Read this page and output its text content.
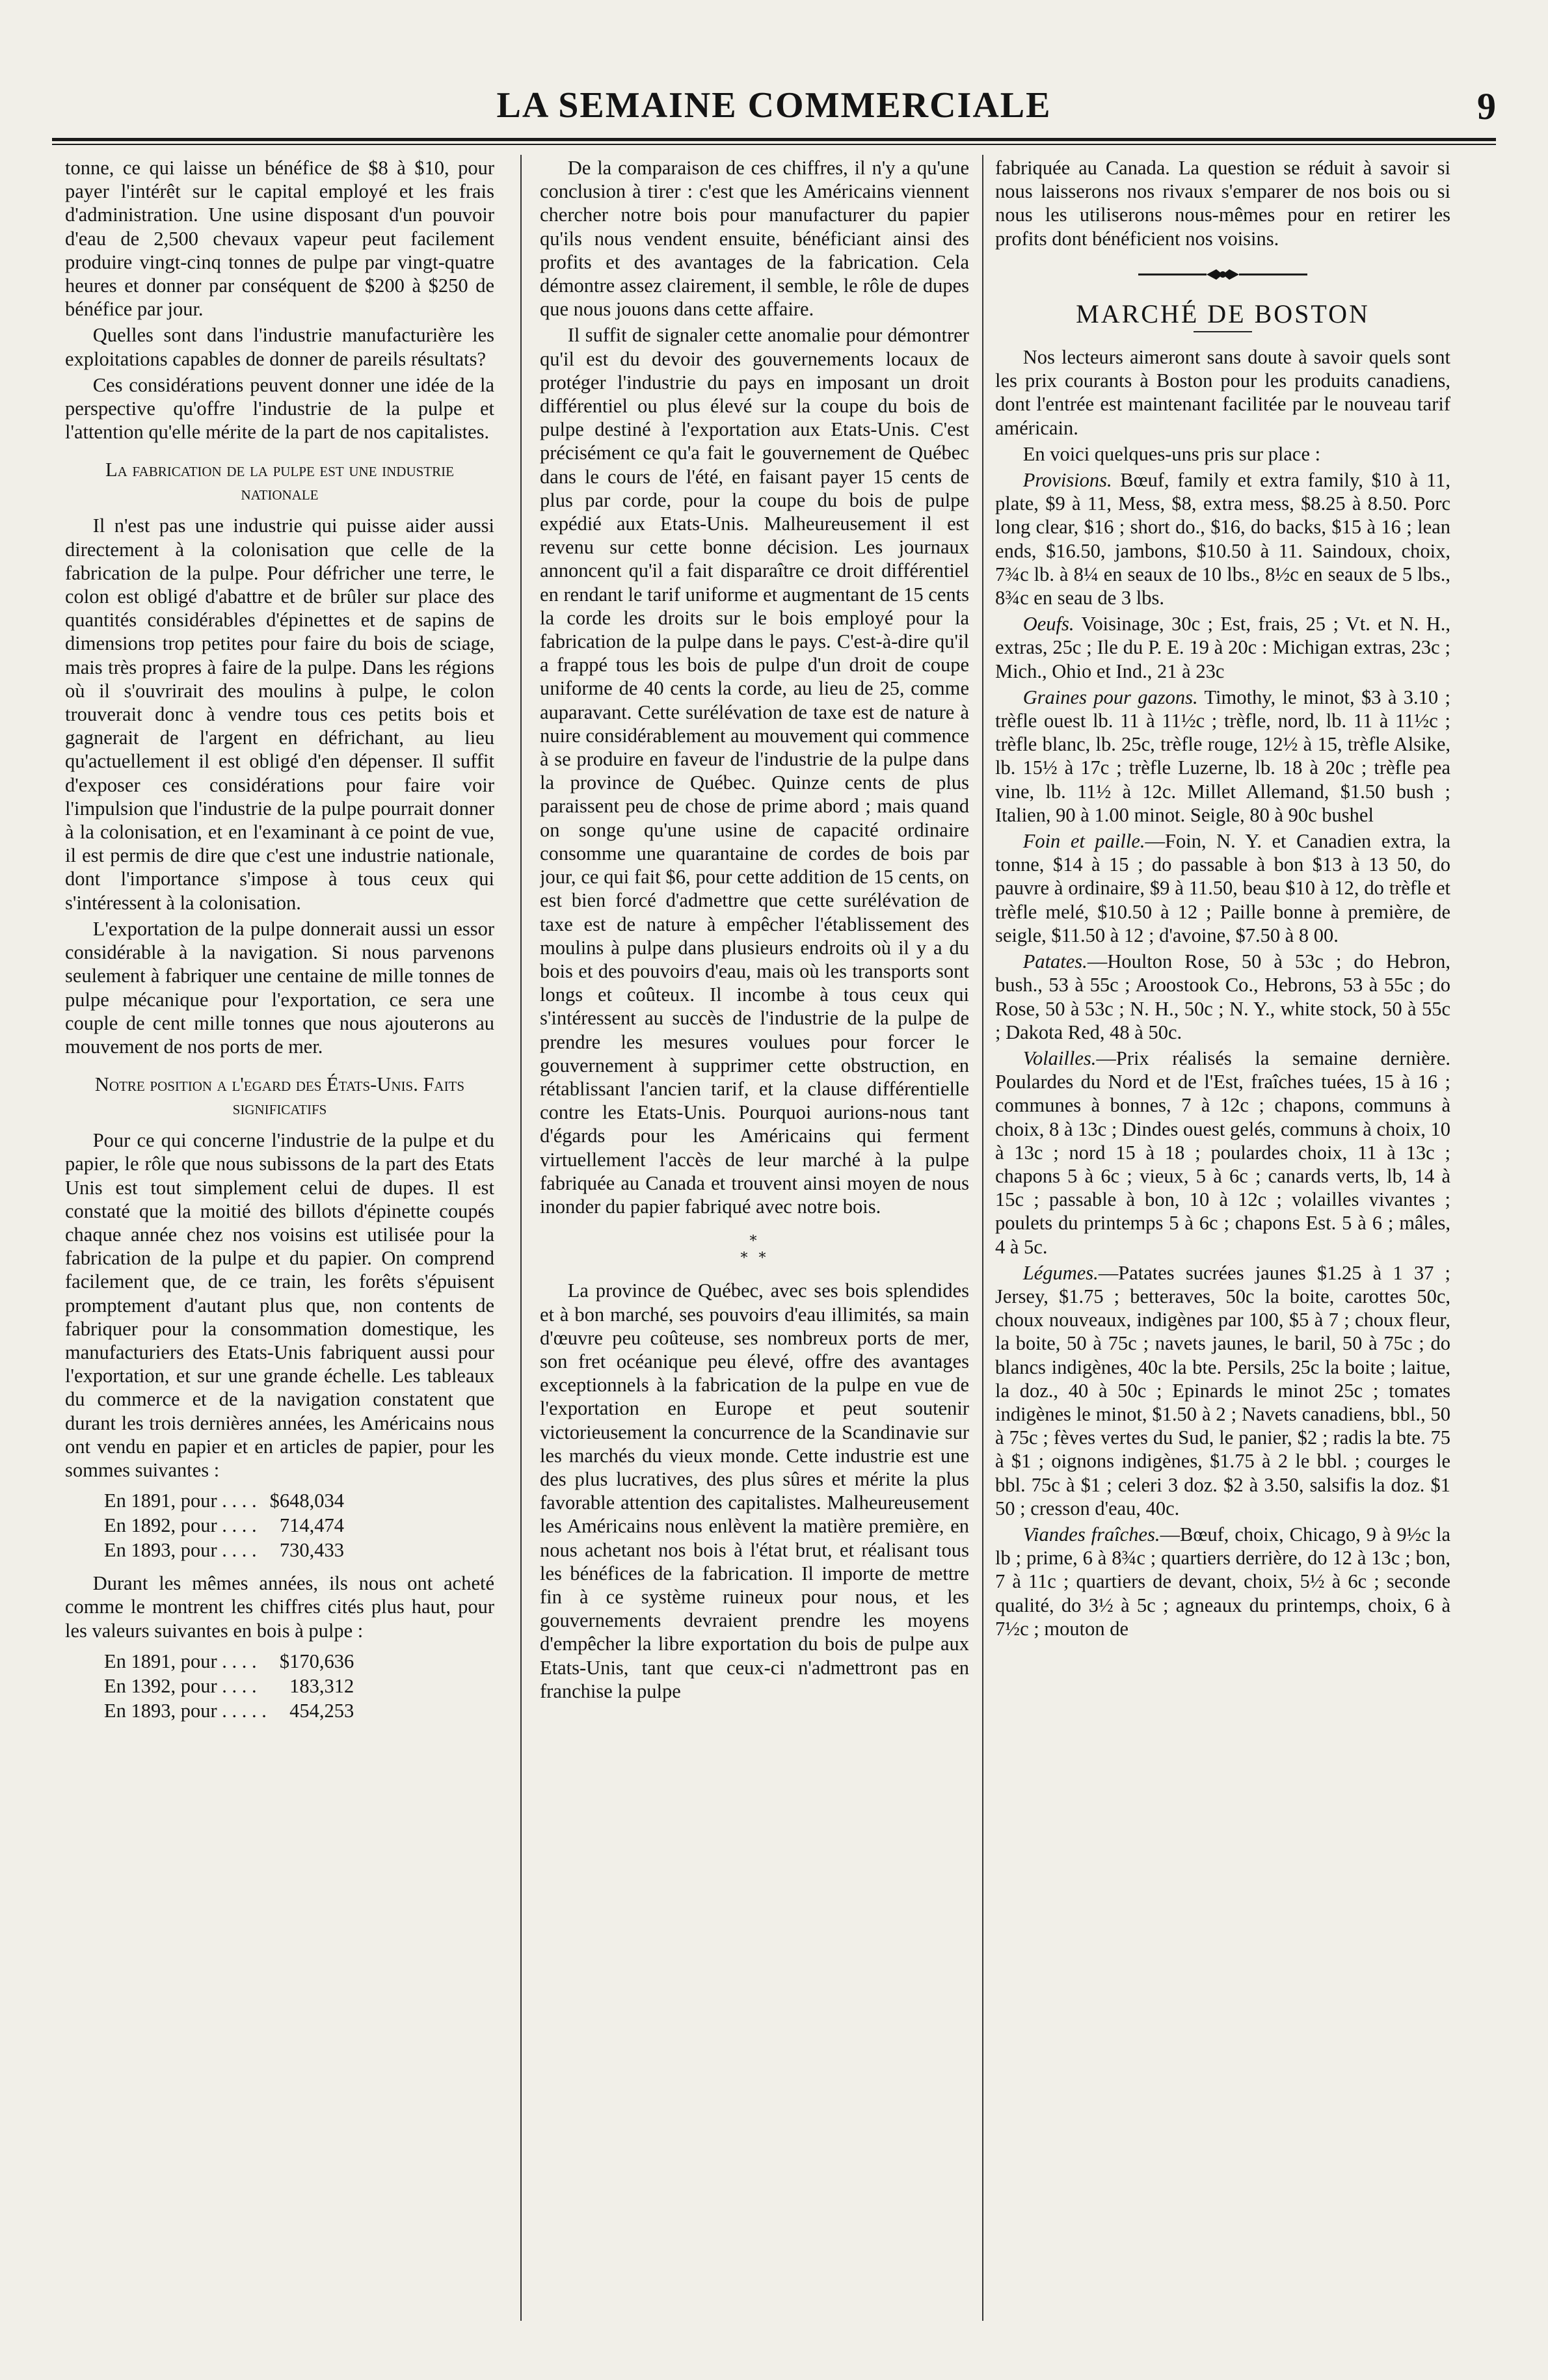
LA SEMAINE COMMERCIALE	9

tonne, ce qui laisse un bénéfice de $8 à $10, pour payer l'intérêt sur le capital employé et les frais d'administration. Une usine disposant d'un pouvoir d'eau de 2,500 chevaux vapeur peut facilement produire vingt-cinq tonnes de pulpe par vingt-quatre heures et donner par conséquent de $200 à $250 de bénéfice par jour.

Quelles sont dans l'industrie manufacturière les exploitations capables de donner de pareils résultats?

Ces considérations peuvent donner une idée de la perspective qu'offre l'industrie de la pulpe et l'attention qu'elle mérite de la part de nos capitalistes.

La fabrication de la pulpe est une industrie nationale

Il n'est pas une industrie qui puisse aider aussi directement à la colonisation que celle de la fabrication de la pulpe. Pour défricher une terre, le colon est obligé d'abattre et de brûler sur place des quantités considérables d'épinettes et de sapins de dimensions trop petites pour faire du bois de sciage, mais très propres à faire de la pulpe. Dans les régions où il s'ouvrirait des moulins à pulpe, le colon trouverait donc à vendre tous ces petits bois et gagnerait de l'argent en défrichant, au lieu qu'actuellement il est obligé d'en dépenser. Il suffit d'exposer ces considérations pour faire voir l'impulsion que l'industrie de la pulpe pourrait donner à la colonisation, et en l'examinant à ce point de vue, il est permis de dire que c'est une industrie nationale, dont l'importance s'impose à tous ceux qui s'intéressent à la colonisation.

L'exportation de la pulpe donnerait aussi un essor considérable à la navigation. Si nous parvenons seulement à fabriquer une centaine de mille tonnes de pulpe mécanique pour l'exportation, ce sera une couple de cent mille tonnes que nous ajouterons au mouvement de nos ports de mer.

Notre position a l'egard des États-Unis. Faits significatifs

Pour ce qui concerne l'industrie de la pulpe et du papier, le rôle que nous subissons de la part des Etats Unis est tout simplement celui de dupes. Il est constaté que la moitié des billots d'épinette coupés chaque année chez nos voisins est utilisée pour la fabrication de la pulpe et du papier. On comprend facilement que, de ce train, les forêts s'épuisent promptement d'autant plus que, non contents de fabriquer pour la consommation domestique, les manufacturiers des Etats-Unis fabriquent aussi pour l'exportation, et sur une grande échelle. Les tableaux du commerce et de la navigation constatent que durant les trois dernières années, les Américains nous ont vendu en papier et en articles de papier, pour les sommes suivantes :

En 1891, pour . . . .	$648,034
En 1892, pour . . . .	714,474
En 1893, pour . . . .	730,433

Durant les mêmes années, ils nous ont acheté comme le montrent les chiffres cités plus haut, pour les valeurs suivantes en bois à pulpe :

En 1891, pour . . . .	$170,636
En 1392, pour . . . .	183,312
En 1893, pour . . . . .	454,253

De la comparaison de ces chiffres, il n'y a qu'une conclusion à tirer : c'est que les Américains viennent chercher notre bois pour manufacturer du papier qu'ils nous vendent ensuite, bénéficiant ainsi des profits et des avantages de la fabrication. Cela démontre assez clairement, il semble, le rôle de dupes que nous jouons dans cette affaire.

Il suffit de signaler cette anomalie pour démontrer qu'il est du devoir des gouvernements locaux de protéger l'industrie du pays en imposant un droit différentiel ou plus élevé sur la coupe du bois de pulpe destiné à l'exportation aux Etats-Unis. C'est précisément ce qu'a fait le gouvernement de Québec dans le cours de l'été, en faisant payer 15 cents de plus par corde, pour la coupe du bois de pulpe expédié aux Etats-Unis. Malheureusement il est revenu sur cette bonne décision. Les journaux annoncent qu'il a fait disparaître ce droit différentiel en rendant le tarif uniforme et augmentant de 15 cents la corde les droits sur le bois employé pour la fabrication de la pulpe dans le pays. C'est-à-dire qu'il a frappé tous les bois de pulpe d'un droit de coupe uniforme de 40 cents la corde, au lieu de 25, comme auparavant. Cette surélévation de taxe est de nature à nuire considérablement au mouvement qui commence à se produire en faveur de l'industrie de la pulpe dans la province de Québec. Quinze cents de plus paraissent peu de chose de prime abord ; mais quand on songe qu'une usine de capacité ordinaire consomme une quarantaine de cordes de bois par jour, ce qui fait $6, pour cette addition de 15 cents, on est bien forcé d'admettre que cette surélévation de taxe est de nature à empêcher l'établissement des moulins à pulpe dans plusieurs endroits où il y a du bois et des pouvoirs d'eau, mais où les transports sont longs et coûteux. Il incombe à tous ceux qui s'intéressent au succès de l'industrie de la pulpe de prendre les mesures voulues pour forcer le gouvernement à supprimer cette obstruction, en rétablissant l'ancien tarif, et la clause différentielle contre les Etats-Unis. Pourquoi aurions-nous tant d'égards pour les Américains qui ferment virtuellement l'accès de leur marché à la pulpe fabriquée au Canada et trouvent ainsi moyen de nous inonder du papier fabriqué avec notre bois.

*
* *

La province de Québec, avec ses bois splendides et à bon marché, ses pouvoirs d'eau illimités, sa main d'œuvre peu coûteuse, ses nombreux ports de mer, son fret océanique peu élevé, offre des avantages exceptionnels à la fabrication de la pulpe en vue de l'exportation en Europe et peut soutenir victorieusement la concurrence de la Scandinavie sur les marchés du vieux monde. Cette industrie est une des plus lucratives, des plus sûres et mérite la plus favorable attention des capitalistes. Malheureusement les Américains nous enlèvent la matière première, en nous achetant nos bois à l'état brut, et réalisant tous les bénéfices de la fabrication. Il importe de mettre fin à ce système ruineux pour nous, et les gouvernements devraient prendre les moyens d'empêcher la libre exportation du bois de pulpe aux Etats-Unis, tant que ceux-ci n'admettront pas en franchise la pulpe

fabriquée au Canada. La question se réduit à savoir si nous laisserons nos rivaux s'emparer de nos bois ou si nous les utiliserons nous-mêmes pour en retirer les profits dont bénéficient nos voisins.

MARCHÉ DE BOSTON

Nos lecteurs aimeront sans doute à savoir quels sont les prix courants à Boston pour les produits canadiens, dont l'entrée est maintenant facilitée par le nouveau tarif américain.

En voici quelques-uns pris sur place :

Provisions. Bœuf, family et extra family, $10 à 11, plate, $9 à 11, Mess, $8, extra mess, $8.25 à 8.50. Porc long clear, $16 ; short do., $16, do backs, $15 à 16 ; lean ends, $16.50, jambons, $10.50 à 11. Saindoux, choix, 7¾c lb. à 8¼ en seaux de 10 lbs., 8½c en seaux de 5 lbs., 8¾c en seau de 3 lbs.

Oeufs. Voisinage, 30c ; Est, frais, 25 ; Vt. et N. H., extras, 25c ; Ile du P. E. 19 à 20c : Michigan extras, 23c ; Mich., Ohio et Ind., 21 à 23c

Graines pour gazons. Timothy, le minot, $3 à 3.10 ; trèfle ouest lb. 11 à 11½c ; trèfle, nord, lb. 11 à 11½c ; trèfle blanc, lb. 25c, trèfle rouge, 12½ à 15, trèfle Alsike, lb. 15½ à 17c ; trèfle Luzerne, lb. 18 à 20c ; trèfle pea vine, lb. 11½ à 12c. Millet Allemand, $1.50 bush ; Italien, 90 à 1.00 minot. Seigle, 80 à 90c bushel

Foin et paille.—Foin, N. Y. et Canadien extra, la tonne, $14 à 15 ; do passable à bon $13 à 13 50, do pauvre à ordinaire, $9 à 11.50, beau $10 à 12, do trèfle et trèfle melé, $10.50 à 12 ; Paille bonne à première, de seigle, $11.50 à 12 ; d'avoine, $7.50 à 8 00.

Patates.—Houlton Rose, 50 à 53c ; do Hebron, bush., 53 à 55c ; Aroostook Co., Hebrons, 53 à 55c ; do Rose, 50 à 53c ; N. H., 50c ; N. Y., white stock, 50 à 55c ; Dakota Red, 48 à 50c.

Volailles.—Prix réalisés la semaine dernière. Poulardes du Nord et de l'Est, fraîches tuées, 15 à 16 ; communes à bonnes, 7 à 12c ; chapons, communs à choix, 8 à 13c ; Dindes ouest gelés, communs à choix, 10 à 13c ; nord 15 à 18 ; poulardes choix, 11 à 13c ; chapons 5 à 6c ; vieux, 5 à 6c ; canards verts, lb, 14 à 15c ; passable à bon, 10 à 12c ; volailles vivantes ; poulets du printemps 5 à 6c ; chapons Est. 5 à 6 ; mâles, 4 à 5c.

Légumes.—Patates sucrées jaunes $1.25 à 1 37 ; Jersey, $1.75 ; betteraves, 50c la boite, carottes 50c, choux nouveaux, indigènes par 100, $5 à 7 ; choux fleur, la boite, 50 à 75c ; navets jaunes, le baril, 50 à 75c ; do blancs indigènes, 40c la bte. Persils, 25c la boite ; laitue, la doz., 40 à 50c ; Epinards le minot 25c ; tomates indigènes le minot, $1.50 à 2 ; Navets canadiens, bbl., 50 à 75c ; fèves vertes du Sud, le panier, $2 ; radis la bte. 75 à $1 ; oignons indigènes, $1.75 à 2 le bbl. ; courges le bbl. 75c à $1 ; celeri 3 doz. $2 à 3.50, salsifis la doz. $1 50 ; cresson d'eau, 40c.

Viandes fraîches.—Bœuf, choix, Chicago, 9 à 9½c la lb ; prime, 6 à 8¾c ; quartiers derrière, do 12 à 13c ; bon, 7 à 11c ; quartiers de devant, choix, 5½ à 6c ; seconde qualité, do 3½ à 5c ; agneaux du printemps, choix, 6 à 7½c ; mouton de
